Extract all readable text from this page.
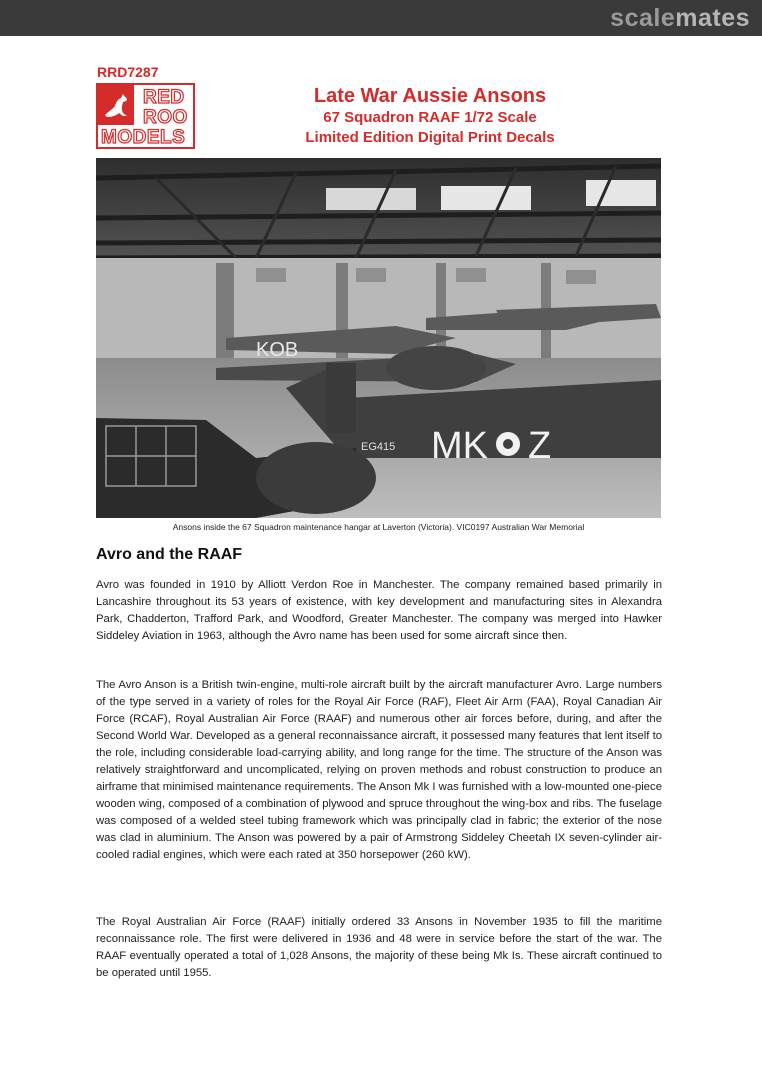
scalemates
RRD7287
RED
ROO
MODELS
Late War Aussie Ansons
67 Squadron RAAF 1/72 Scale
Limited Edition Digital Print Decals
KOB
EG415 MK Z
Ansons inside the 67 Squadron maintenance hangar at Laverton (Victoria). VIC0197 Australian War Memorial
Avro and the RAAF

Avro was founded in 1910 by Alliott Verdon Roe in Manchester. The company remained based primarily in Lancashire throughout its 53 years of existence, with key development and manufacturing sites in Alexandra Park, Chadderton, Trafford Park, and Woodford, Greater Manchester. The company was merged into Hawker Siddeley Aviation in 1963, although the Avro name has been used for some aircraft since then.

The Avro Anson is a British twin-engine, multi-role aircraft built by the aircraft manufacturer Avro. Large numbers of the type served in a variety of roles for the Royal Air Force (RAF), Fleet Air Arm (FAA), Royal Canadian Air Force (RCAF), Royal Australian Air Force (RAAF) and numerous other air forces before, during, and after the Second World War. Developed as a general reconnaissance aircraft, it possessed many features that lent itself to the role, including considerable load-carrying ability, and long range for the time. The structure of the Anson was relatively straightforward and uncomplicated, relying on proven methods and robust construction to produce an airframe that minimised maintenance requirements. The Anson Mk I was furnished with a low-mounted one-piece wooden wing, composed of a combination of plywood and spruce throughout the wing-box and ribs. The fuselage was composed of a welded steel tubing framework which was principally clad in fabric; the exterior of the nose was clad in aluminium. The Anson was powered by a pair of Armstrong Siddeley Cheetah IX seven-cylinder air-cooled radial engines, which were each rated at 350 horsepower (260 kW).

The Royal Australian Air Force (RAAF) initially ordered 33 Ansons in November 1935 to fill the maritime reconnaissance role. The first were delivered in 1936 and 48 were in service before the start of the war. The RAAF eventually operated a total of 1,028 Ansons, the majority of these being Mk Is. These aircraft continued to be operated until 1955.
